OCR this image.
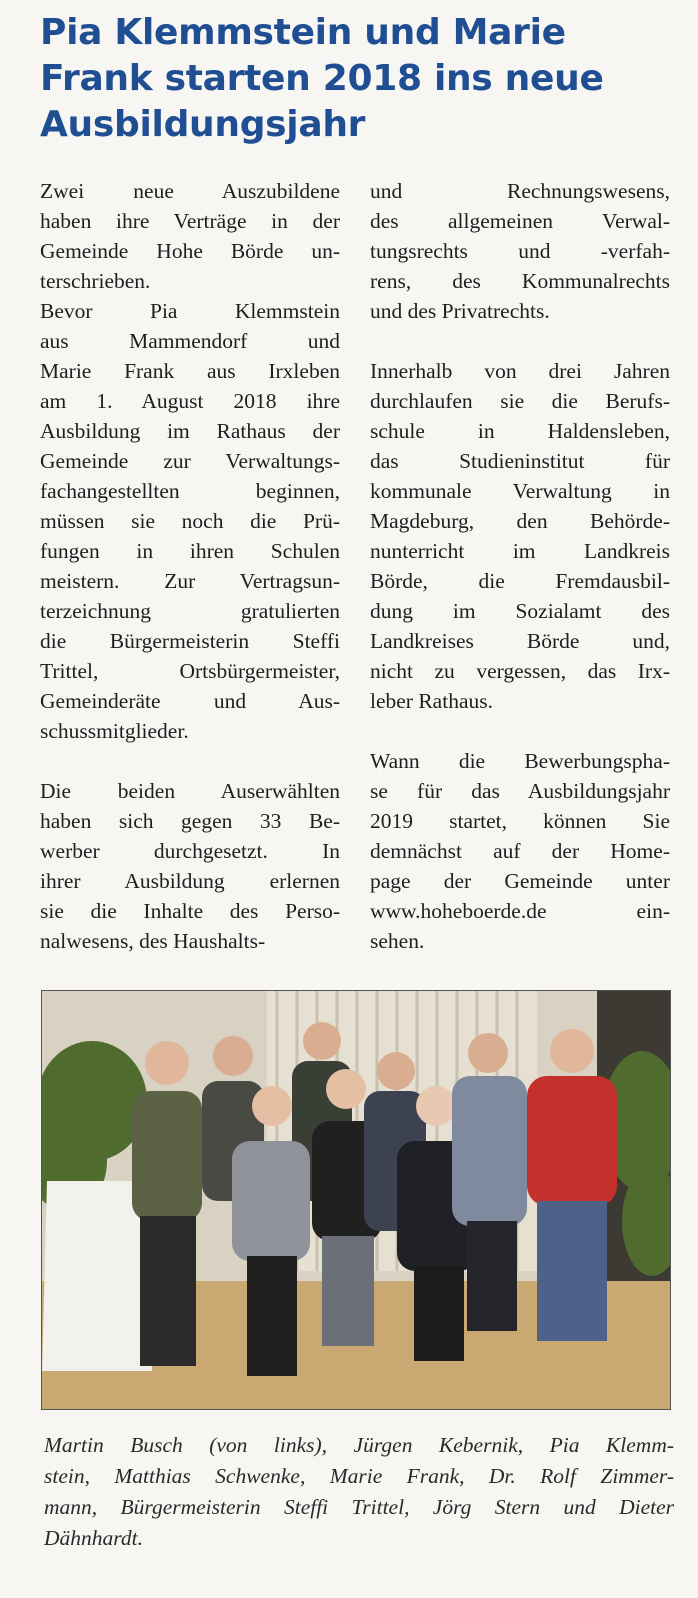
Pia Klemmstein und Marie
Frank starten 2018 ins neue
Ausbildungsjahr
Zwei neue Auszubildene
haben ihre Verträge in der
Gemeinde Hohe Börde un-
terschrieben.
Bevor Pia Klemmstein
aus Mammendorf und
Marie Frank aus Irxleben
am 1. August 2018 ihre
Ausbildung im Rathaus der
Gemeinde zur Verwaltungs-
fachangestellten beginnen,
müssen sie noch die Prü-
fungen in ihren Schulen
meistern. Zur Vertragsun-
terzeichnung gratulierten
die Bürgermeisterin Steffi
Trittel, Ortsbürgermeister,
Gemeinderäte und Aus-
schussmitglieder.
Die beiden Auserwählten
haben sich gegen 33 Be-
werber durchgesetzt. In
ihrer Ausbildung erlernen
sie die Inhalte des Perso-
nalwesens, des Haushalts-
und Rechnungswesens,
des allgemeinen Verwal-
tungsrechts und -verfah-
rens, des Kommunalrechts
und des Privatrechts.
Innerhalb von drei Jahren
durchlaufen sie die Berufs-
schule in Haldensleben,
das Studieninstitut für
kommunale Verwaltung in
Magdeburg, den Behörde-
nunterricht im Landkreis
Börde, die Fremdausbil-
dung im Sozialamt des
Landkreises Börde und,
nicht zu vergessen, das Irx-
leber Rathaus.
Wann die Bewerbungspha-
se für das Ausbildungsjahr
2019 startet, können Sie
demnächst auf der Home-
page der Gemeinde unter
www.hoheboerde.de ein-
sehen.
Martin Busch (von links), Jürgen Kebernik, Pia Klemm-
stein, Matthias Schwenke, Marie Frank, Dr. Rolf Zimmer-
mann, Bürgermeisterin Steffi Trittel, Jörg Stern und Dieter
Dähnhardt.
